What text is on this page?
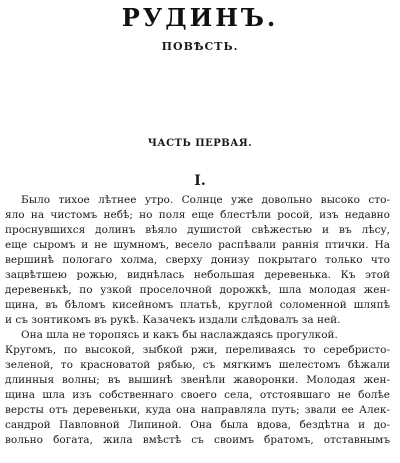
РУДИНЪ.
ПОВѢСТЬ.
ЧАСТЬ ПЕРВАЯ.
I.
Было тихое лѣтнее утро. Солнце уже довольно высоко сто-
яло на чистомъ небѣ; но поля еще блестѣли росой, изъ недавно
проснувшихся долинъ вѣяло душистой свѣжестью и въ лѣсу,
еще сыромъ и не шумномъ, весело распѣвали раннія птички. На
вершинѣ пологаго холма, сверху донизу покрытаго только что
зацвѣтшею рожью, виднѣлась небольшая деревенька. Къ этой
деревенькѣ, по узкой проселочной дорожкѣ, шла молодая жен-
щина, въ бѣломъ кисейномъ платьѣ, круглой соломенной шляпѣ
и съ зонтикомъ въ рукѣ. Казачекъ издали слѣдовалъ за ней.
Она шла не торопясь и какъ бы наслаждаясь прогулкой.
Кругомъ, по высокой, зыбкой ржи, переливаясь то серебристо-
зеленой, то красноватой рябью, съ мягкимъ шелестомъ бѣжали
длинныя волны; въ вышинѣ звенѣли жаворонки. Молодая жен-
щина шла изъ собственнаго своего села, отстоявшаго не болѣе
версты отъ деревеньки, куда она направляла путь; звали ее Алек-
сандрой Павловной Липиной. Она была вдова, бездѣтна и до-
вольно богата, жила вмѣстѣ съ своимъ братомъ, отставнымъ
